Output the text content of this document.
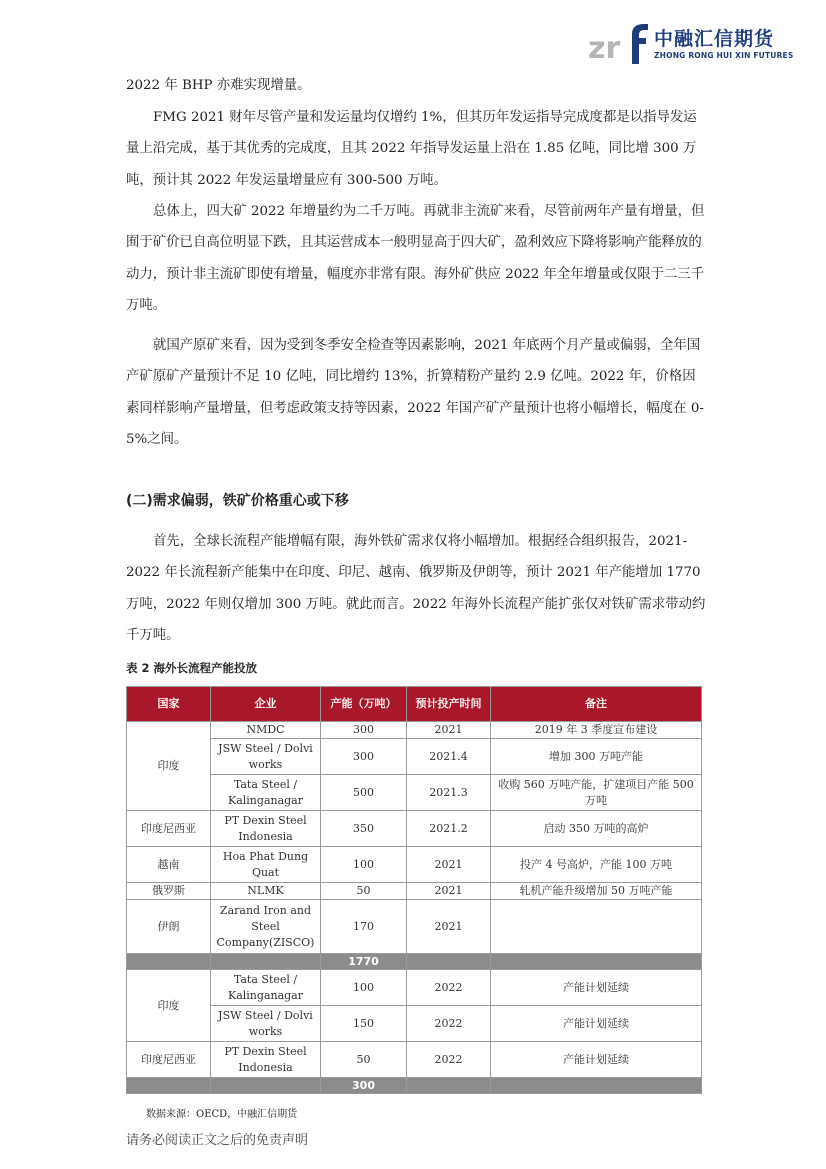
zr 中融汇信期货
ZHONG RONG HUI XIN FUTURES

2022 年 BHP 亦难实现增量。

FMG 2021 财年尽管产量和发运量均仅增约 1%，但其历年发运指导完成度都是以指导发运量上沿完成，基于其优秀的完成度，且其 2022 年指导发运量上沿在 1.85 亿吨，同比增 300 万吨，预计其 2022 年发运量增量应有 300-500 万吨。

总体上，四大矿 2022 年增量约为二千万吨。再就非主流矿来看，尽管前两年产量有增量，但囿于矿价已自高位明显下跌，且其运营成本一般明显高于四大矿，盈利效应下降将影响产能释放的动力，预计非主流矿即使有增量，幅度亦非常有限。海外矿供应 2022 年全年增量或仅限于二三千万吨。

就国产原矿来看，因为受到冬季安全检查等因素影响，2021 年底两个月产量或偏弱，全年国产矿原矿产量预计不足 10 亿吨，同比增约 13%，折算精粉产量约 2.9 亿吨。2022 年，价格因素同样影响产量增量，但考虑政策支持等因素，2022 年国产矿产量预计也将小幅增长，幅度在 0-5%之间。

(二)需求偏弱，铁矿价格重心或下移

首先，全球长流程产能增幅有限，海外铁矿需求仅将小幅增加。根据经合组织报告，2021-2022 年长流程新产能集中在印度、印尼、越南、俄罗斯及伊朗等，预计 2021 年产能增加 1770 万吨，2022 年则仅增加 300 万吨。就此而言。2022 年海外长流程产能扩张仅对铁矿需求带动约千万吨。

表 2 海外长流程产能投放

国家	企业	产能（万吨）	预计投产时间	备注
印度	NMDC	300	2021	2019 年 3 季度宣布建设
	JSW Steel / Dolvi works	300	2021.4	增加 300 万吨产能
	Tata Steel / Kalinganagar	500	2021.3	收购 560 万吨产能，扩建项目产能 500 万吨
印度尼西亚	PT Dexin Steel Indonesia	350	2021.2	启动 350 万吨的高炉
越南	Hoa Phat Dung Quat	100	2021	投产 4 号高炉，产能 100 万吨
俄罗斯	NLMK	50	2021	轧机产能升级增加 50 万吨产能
伊朗	Zarand Iron and Steel Company(ZISCO)	170	2021	
		1770		
印度	Tata Steel / Kalinganagar	100	2022	产能计划延续
	JSW Steel / Dolvi works	150	2022	产能计划延续
印度尼西亚	PT Dexin Steel Indonesia	50	2022	产能计划延续
		300		

数据来源：OECD，中融汇信期货

请务必阅读正文之后的免责声明
